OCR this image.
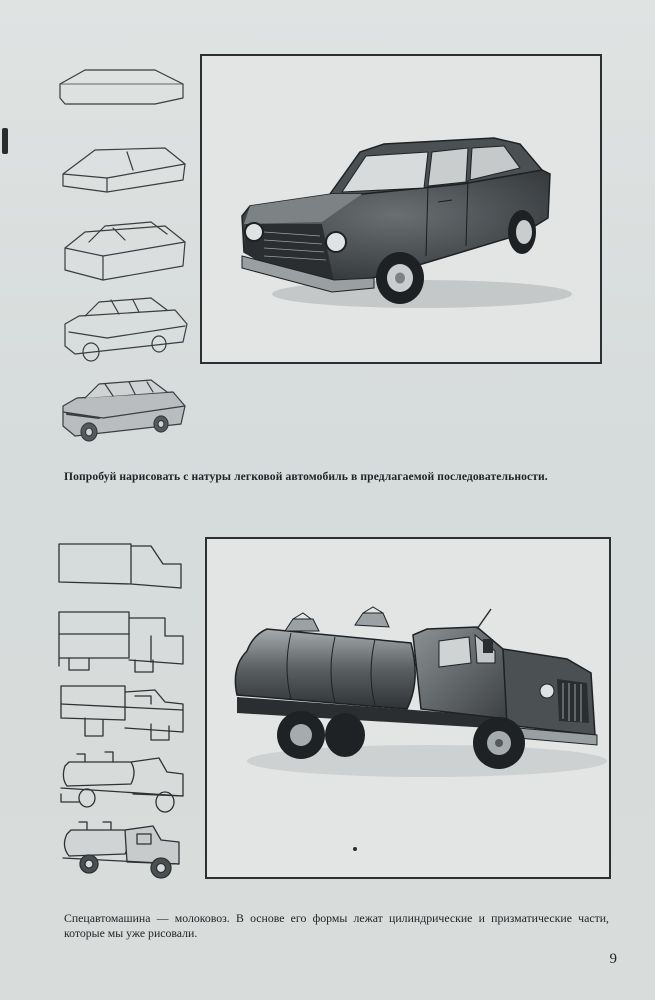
Попробуй нарисовать с натуры легковой автомобиль в предлагаемой последовательности.
Спецавтомашина — молоковоз. В основе его формы лежат цилиндрические и призматические части, которые мы уже рисовали.
9
